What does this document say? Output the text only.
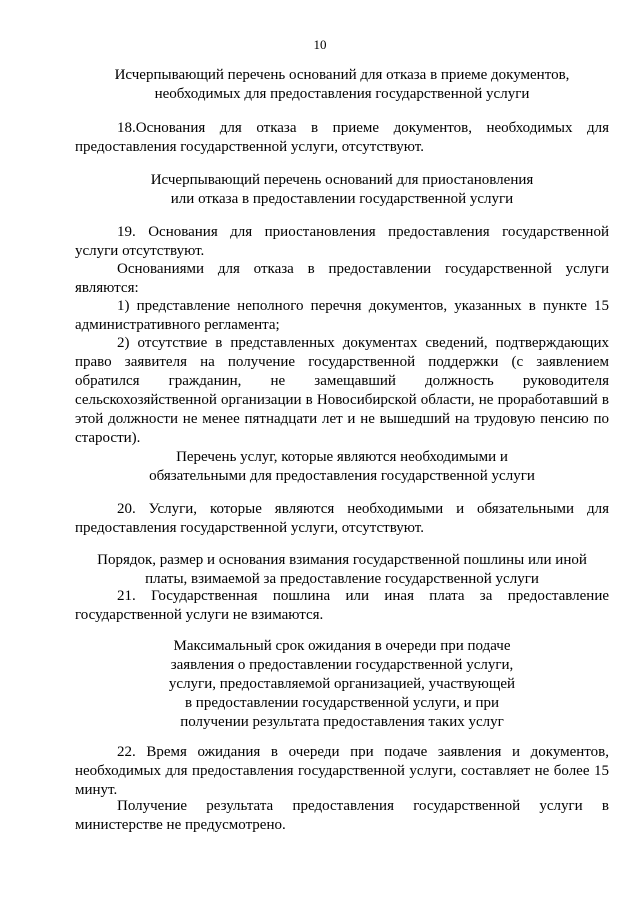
10
Исчерпывающий перечень оснований для отказа в приеме документов,
необходимых для предоставления государственной услуги

18.Основания для отказа в приеме документов, необходимых для предоставления государственной услуги, отсутствуют.

Исчерпывающий перечень оснований для приостановления
или отказа в предоставлении государственной услуги

19. Основания для приостановления предоставления государственной услуги отсутствуют.

Основаниями для отказа в предоставлении государственной услуги являются:

1) представление неполного перечня документов, указанных в пункте 15 административного регламента;

2) отсутствие в представленных документах сведений, подтверждающих право заявителя на получение государственной поддержки (с заявлением обратился гражданин, не замещавший должность руководителя сельскохозяйственной организации в Новосибирской области, не проработавший в этой должности не менее пятнадцати лет и не вышедший на трудовую пенсию по старости).

Перечень услуг, которые являются необходимыми и
обязательными для предоставления государственной услуги

20. Услуги, которые являются необходимыми и обязательными для предоставления государственной услуги, отсутствуют.

Порядок, размер и основания взимания государственной пошлины или иной
платы, взимаемой за предоставление государственной услуги

21. Государственная пошлина или иная плата за предоставление государственной услуги не взимаются.

Максимальный срок ожидания в очереди при подаче
заявления о предоставлении государственной услуги,
услуги, предоставляемой организацией, участвующей
в предоставлении государственной услуги, и при
получении результата предоставления таких услуг

22. Время ожидания в очереди при подаче заявления и документов, необходимых для предоставления государственной услуги, составляет не более 15 минут.

Получение результата предоставления государственной услуги в министерстве не предусмотрено.
